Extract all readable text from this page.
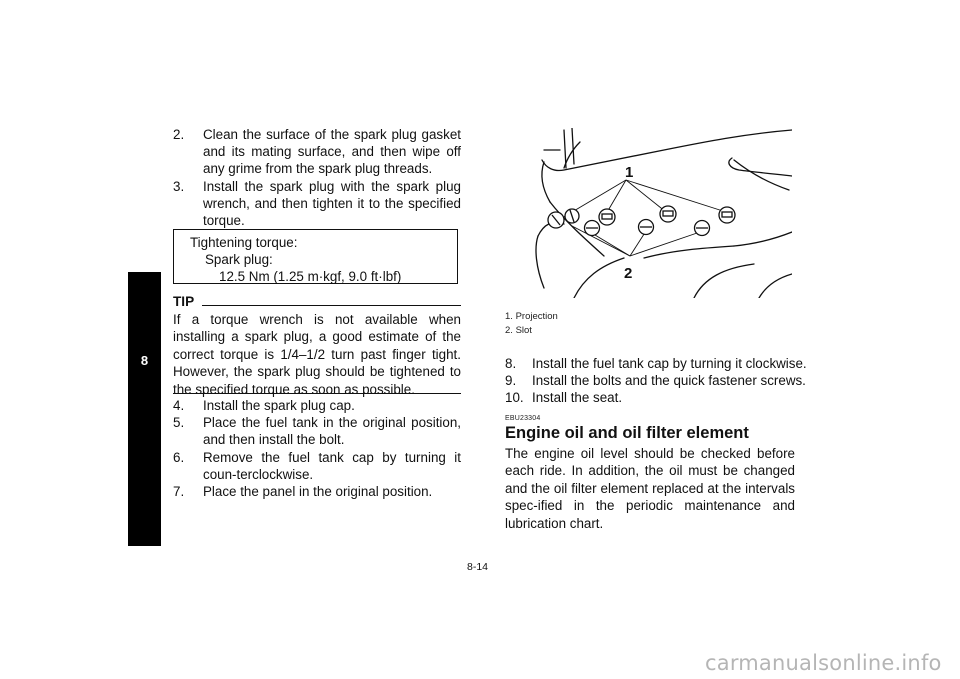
8
2.	Clean the surface of the spark plug gasket and its mating surface, and then wipe off any grime from the spark plug threads.
3.	Install the spark plug with the spark plug wrench, and then tighten it to the specified torque.
Tightening torque:
Spark plug:
12.5 Nm (1.25 m·kgf, 9.0 ft·lbf)
TIP
If a torque wrench is not available when installing a spark plug, a good estimate of the correct torque is 1/4–1/2 turn past finger tight. However, the spark plug should be tightened to the specified torque as soon as possible.
4.	Install the spark plug cap.
5.	Place the fuel tank in the original position, and then install the bolt.
6.	Remove the fuel tank cap by turning it coun-terclockwise.
7.	Place the panel in the original position.
1
2
1. Projection
2. Slot
8.	Install the fuel tank cap by turning it clockwise.
9.	Install the bolts and the quick fastener screws.
10. Install the seat.
EBU23304
Engine oil and oil filter element
The engine oil level should be checked before each ride. In addition, the oil must be changed and the oil filter element replaced at the intervals spec-ified in the periodic maintenance and lubrication chart.
8-14
carmanualsonline.info
